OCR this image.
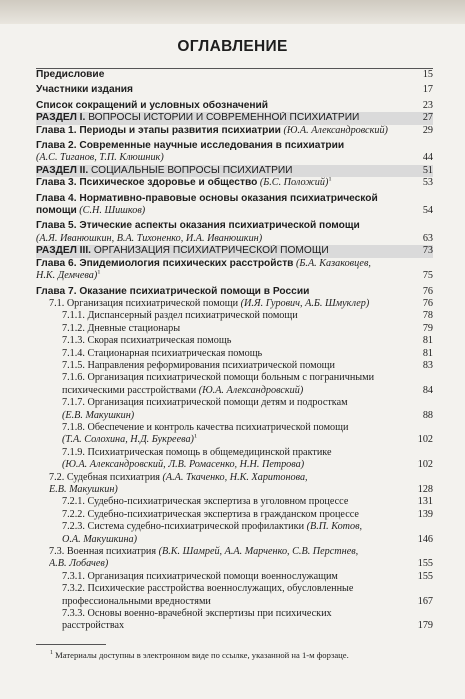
ОГЛАВЛЕНИЕ
Предисловие	15
Участники издания	17
Список сокращений и условных обозначений	23
РАЗДЕЛ I. ВОПРОСЫ ИСТОРИИ И СОВРЕМЕННОЙ ПСИХИАТРИИ	27
Глава 1. Периоды и этапы развития психиатрии (Ю.А. Александровский)	29
Глава 2. Современные научные исследования в психиатрии
(А.С. Тиганов, Т.П. Клюшник)	44
РАЗДЕЛ II. СОЦИАЛЬНЫЕ ВОПРОСЫ ПСИХИАТРИИ	51
Глава 3. Психическое здоровье и общество (Б.С. Положий)$^1$	53
Глава 4. Нормативно-правовые основы оказания психиатрической
помощи (С.Н. Шишков)	54
Глава 5. Этические аспекты оказания психиатрической помощи
(А.Я. Иванюшкин, В.А. Тихоненко, И.А. Иванюшкин)	63
РАЗДЕЛ III. ОРГАНИЗАЦИЯ ПСИХИАТРИЧЕСКОЙ ПОМОЩИ	73
Глава 6. Эпидемиология психических расстройств (Б.А. Казаковцев,
Н.К. Демчева)$^1$	75
Глава 7. Оказание психиатрической помощи в России	76
7.1. Организация психиатрической помощи (И.Я. Гурович, А.Б. Шмуклер)	76
7.1.1. Диспансерный раздел психиатрической помощи	78
7.1.2. Дневные стационары	79
7.1.3. Скорая психиатрическая помощь	81
7.1.4. Стационарная психиатрическая помощь	81
7.1.5. Направления реформирования психиатрической помощи	83
7.1.6. Организация психиатрической помощи больным с пограничными
психическими расстройствами (Ю.А. Александровский)	84
7.1.7. Организация психиатрической помощи детям и подросткам
(Е.В. Макушкин)	88
7.1.8. Обеспечение и контроль качества психиатрической помощи
(Т.А. Солохина, Н.Д. Букреева)$^1$	102
7.1.9. Психиатрическая помощь в общемедицинской практике
(Ю.А. Александровский, Л.В. Ромасенко, Н.Н. Петрова)	102
7.2. Судебная психиатрия (А.А. Ткаченко, Н.К. Харитонова,
Е.В. Макушкин)	128
7.2.1. Судебно-психиатрическая экспертиза в уголовном процессе	131
7.2.2. Судебно-психиатрическая экспертиза в гражданском процессе	139
7.2.3. Система судебно-психиатрической профилактики (В.П. Котов,
О.А. Макушкина)	146
7.3. Военная психиатрия (В.К. Шамрей, А.А. Марченко, С.В. Перстнев,
А.В. Лобачев)	155
7.3.1. Организация психиатрической помощи военнослужащим	155
7.3.2. Психические расстройства военнослужащих, обусловленные
профессиональными вредностями	167
7.3.3. Основы военно-врачебной экспертизы при психических
расстройствах	179
$^1$ Материалы доступны в электронном виде по ссылке, указанной на 1-м форзаце.
